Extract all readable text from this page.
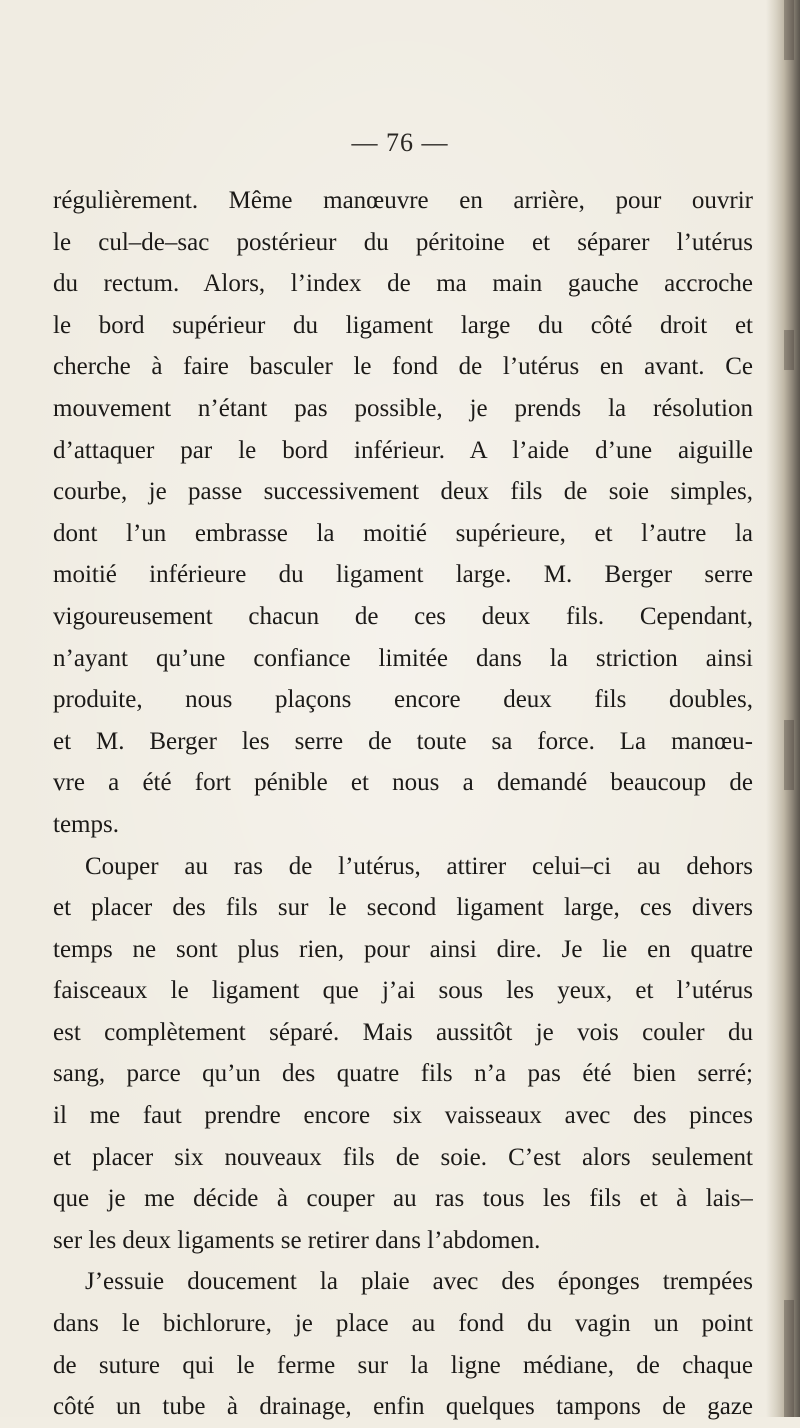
— 76 —
régulièrement. Même manœuvre en arrière, pour ouvrir
le cul–de–sac postérieur du péritoine et séparer l’utérus
du rectum. Alors, l’index de ma main gauche accroche
le bord supérieur du ligament large du côté droit et
cherche à faire basculer le fond de l’utérus en avant. Ce
mouvement n’étant pas possible, je prends la résolution
d’attaquer par le bord inférieur. A l’aide d’une aiguille
courbe, je passe successivement deux fils de soie simples,
dont l’un embrasse la moitié supérieure, et l’autre la
moitié inférieure du ligament large. M. Berger serre
vigoureusement chacun de ces deux fils. Cependant,
n’ayant qu’une confiance limitée dans la striction ainsi
produite, nous plaçons encore deux fils doubles,
et M. Berger les serre de toute sa force. La manœu-
vre a été fort pénible et nous a demandé beaucoup de
temps.
Couper au ras de l’utérus, attirer celui–ci au dehors
et placer des fils sur le second ligament large, ces divers
temps ne sont plus rien, pour ainsi dire. Je lie en quatre
faisceaux le ligament que j’ai sous les yeux, et l’utérus
est complètement séparé. Mais aussitôt je vois couler du
sang, parce qu’un des quatre fils n’a pas été bien serré;
il me faut prendre encore six vaisseaux avec des pinces
et placer six nouveaux fils de soie. C’est alors seulement
que je me décide à couper au ras tous les fils et à lais–
ser les deux ligaments se retirer dans l’abdomen.
J’essuie doucement la plaie avec des éponges trempées
dans le bichlorure, je place au fond du vagin un point
de suture qui le ferme sur la ligne médiane, de chaque
côté un tube à drainage, enfin quelques tampons de gaze
